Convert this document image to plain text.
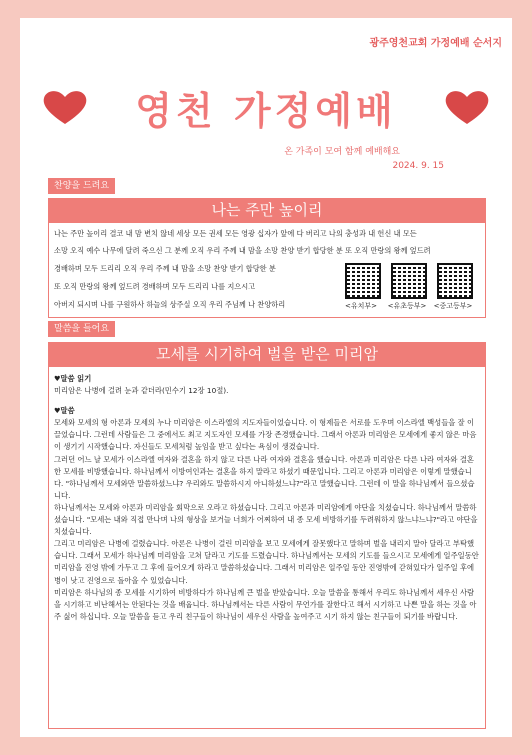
광주영천교회 가정예배 순서지
영천 가정예배
온 가족이 모여 함께 예배해요
2024. 9. 15
찬양을 드려요
나는 주만 높이리
나는 주만 높이리 결코 내 맘 변치 않네 세상 모든 권세 모든 영광 십자가 앞에 다 버리고 나의 충성과 내 헌신 내 모든
소망 오직 예수 나무에 달려 죽으신 그 분께 오직 우리 주께 내 맘을 소망 찬양 받기 합당한 분 또 오직 만랑의 왕께 엎드려
경배하며 모두 드리리 오직 우리 주께 내 맘을 소망 찬양 받기 합당한 분
또 오직 만랑의 왕께 엎드려 경배하며 모두 드리리 나를 지으시고
아버지 되시며 나를 구원하사 하늘의 상주실 오직 우리 주님께 나 찬양하리	<유치부>	<유초등부> <중고등부>
말씀을 들어요
모세를 시기하여 벌을 받은 미리암

♥말씀 읽기

미리암은 나병에 걸려 눈과 같더라(민수기 12장 10절).

♥말씀

모세와 모세의 형 아론과 모세의 누나 미리암은 이스라엘의 지도자들이었습니다. 이 형제들은 서로를 도우며 이스라엘 백성들을 잘 이끌었습니다. 그런데 사람들은 그 중에서도 최고 지도자인 모세를 가장 존경했습니다. 그래서 아론과 미리암은 모세에게 좋지 않은 마음이 생기기 시작했습니다. 자신들도 모세처럼 높임을 받고 싶다는 욕심이 생겼습니다.

그러던 어느 날 모세가 이스라엘 여자와 결혼을 하지 않고 다른 나라 여자와 결혼을 했습니다. 아론과 미리암은 다른 나라 여자와 결혼한 모세를 비방했습니다. 하나님께서 이방여인과는 결혼을 하지 말라고 하셨기 때문입니다. 그리고 아론과 미리암은 이렇게 말했습니다. "하나님께서 모세와만 말씀하셨느냐? 우리와도 말씀하시지 아니하셨느냐?"라고 말했습니다. 그런데 이 말을 하나님께서 들으셨습니다.

하나님께서는 모세와 아론과 미리암을 회막으로 오라고 하셨습니다. 그리고 아론과 미리암에게 야단을 치셨습니다. 하나님께서 말씀하셨습니다. "모세는 내와 직접 만나며 나의 형상을 보거늘 너희가 어찌하여 내 종 모세 비방하기를 두려워하지 않느냐느냐?"라고 야단을 치셨습니다.

그리고 미리암은 나병에 걸렸습니다. 아론은 나병이 걸린 미리암을 보고 모세에게 잘못했다고 말하며 벌을 내리지 말아 달라고 부탁했습니다. 그래서 모세가 하나님께 미리암을 고쳐 달라고 기도를 드렸습니다. 하나님께서는 모세의 기도를 들으시고 모세에게 일주일동안 미리암을 진영 밖에 가두고 그 후에 들어오게 하라고 말씀하셨습니다. 그래서 미리암은 일주일 동안 진영밖에 갇혀있다가 일주일 후에 병이 낫고 진영으로 돌아올 수 있었습니다.

미리암은 하나님의 종 모세를 시기하여 비방하다가 하나님께 큰 벌을 받았습니다. 오늘 말씀을 통해서 우리도 하나님께서 세우신 사람을 시기하고 비난해서는 안된다는 것을 배웁니다. 하나님께서는 다른 사람이 무언가를 잘한다고 해서 시기하고 나쁜 말을 하는 것을 아주 싫어 하십니다. 오늘 말씀을 듣고 우리 친구들이 하나님이 세우신 사람을 높여주고 시기 하지 않는 친구들이 되기를 바랍니다.
